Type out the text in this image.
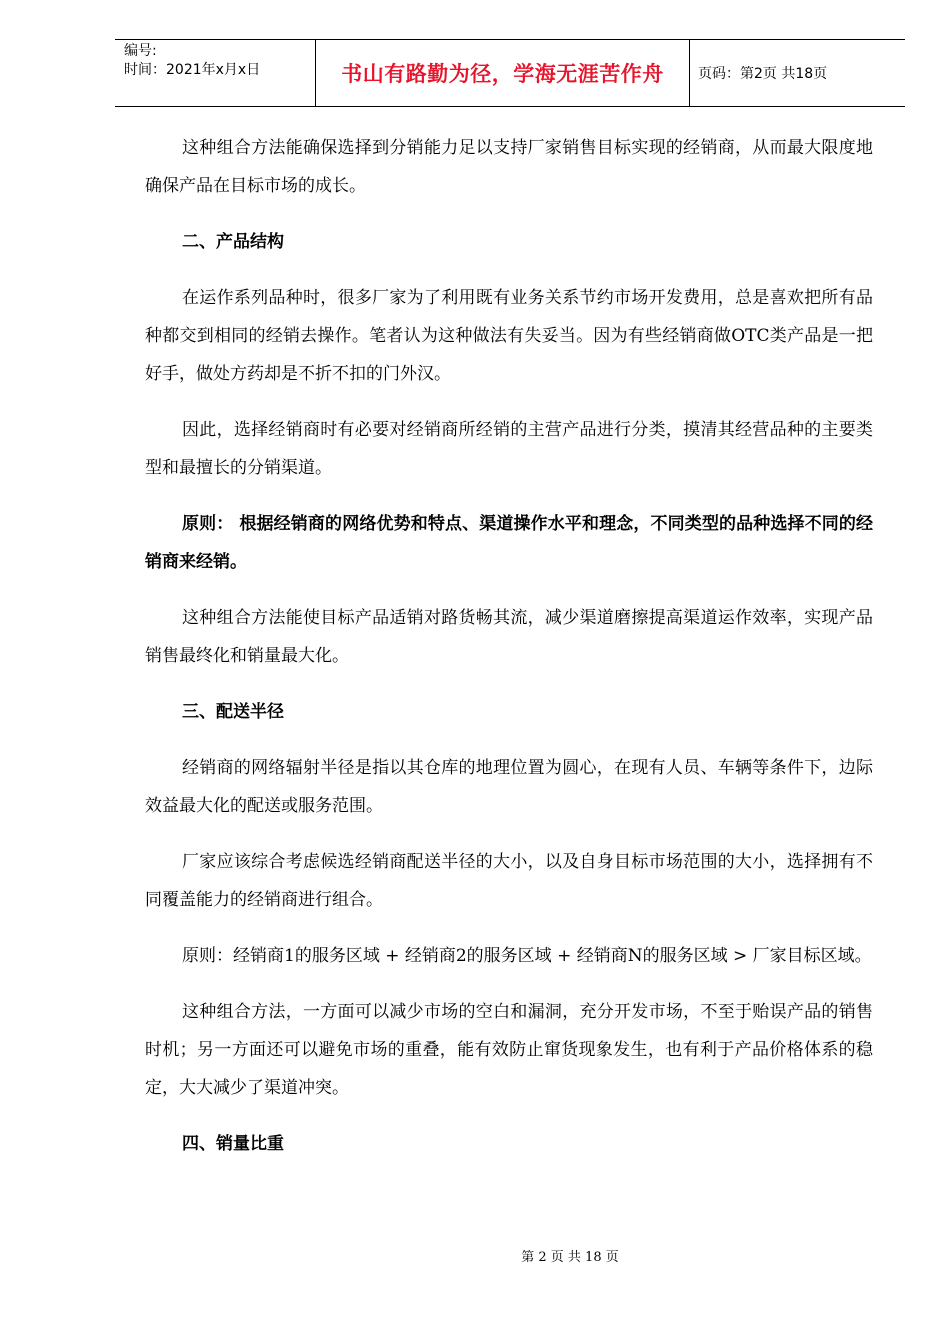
编号:
时间：2021年x月x日	书山有路勤为径，学海无涯苦作舟	页码：第2页 共18页

这种组合方法能确保选择到分销能力足以支持厂家销售目标实现的经销商，从而最大限度地确保产品在目标市场的成长。

二、产品结构

在运作系列品种时，很多厂家为了利用既有业务关系节约市场开发费用，总是喜欢把所有品种都交到相同的经销去操作。笔者认为这种做法有失妥当。因为有些经销商做OTC类产品是一把好手，做处方药却是不折不扣的门外汉。

因此，选择经销商时有必要对经销商所经销的主营产品进行分类，摸清其经营品种的主要类型和最擅长的分销渠道。

原则： 根据经销商的网络优势和特点、渠道操作水平和理念，不同类型的品种选择不同的经销商来经销。

这种组合方法能使目标产品适销对路货畅其流，减少渠道磨擦提高渠道运作效率，实现产品销售最终化和销量最大化。

三、配送半径

经销商的网络辐射半径是指以其仓库的地理位置为圆心，在现有人员、车辆等条件下，边际效益最大化的配送或服务范围。

厂家应该综合考虑候选经销商配送半径的大小，以及自身目标市场范围的大小，选择拥有不同覆盖能力的经销商进行组合。

原则：经销商1的服务区域 + 经销商2的服务区域 + 经销商N的服务区域 > 厂家目标区域。

这种组合方法，一方面可以减少市场的空白和漏洞，充分开发市场，不至于贻误产品的销售时机；另一方面还可以避免市场的重叠，能有效防止窜货现象发生，也有利于产品价格体系的稳定，大大减少了渠道冲突。

四、销量比重

第 2 页 共 18 页
